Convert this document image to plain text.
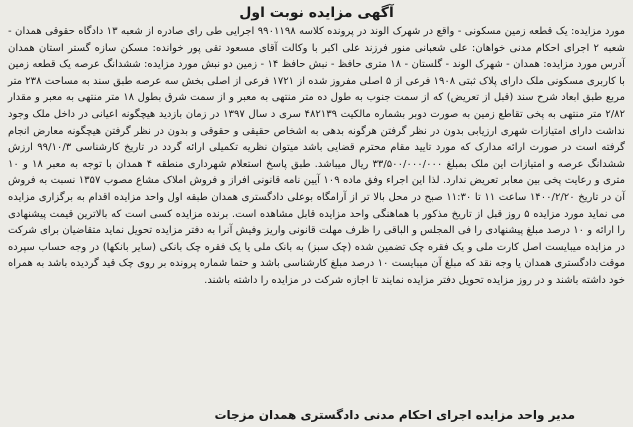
آگهی مزایده نوبت اول

مورد مزایده: یک قطعه زمین مسکونی - واقع در شهرک الوند در پرونده کلاسه ۹۹۰۱۱۹۸ اجرایی طی رای صادره از شعبه ۱۳ دادگاه حقوقی همدان - شعبه ۲ اجرای احکام مدنی خواهان: علی شعبانی منور فرزند علی اکبر با وکالت آقای مسعود تقی پور خوانده: مسکن سازه گستر استان همدان آدرس مورد مزایده: همدان - شهرک الوند - گلستان - ۱۸ متری حافظ - نبش حافظ ۱۴ - زمین دو نبش مورد مزایده: ششدانگ عرصه یک قطعه زمین با کاربری مسکونی ملک دارای پلاک ثبتی ۱۹۰۸ فرعی از ۵ اصلی مفروز شده از ۱۷۲۱ فرعی از اصلی بخش سه عرصه طبق سند به مساحت ۲۳۸ متر مربع طبق ابعاد شرح سند (قبل از تعریض) که از سمت جنوب به طول ده متر منتهی به معبر و از سمت شرق بطول ۱۸ متر منتهی به معبر و مقدار ۲/۸۲ متر منتهی به پخی تقاطع زمین به صورت دوبر بشماره مالکیت ۴۸۲۱۳۹ سری د سال ۱۳۹۷ در زمان بازدید هیچگونه اعیانی در داخل ملک وجود نداشت دارای امتیازات شهری ارزیابی بدون در نظر گرفتن هرگونه بدهی به اشخاص حقیقی و حقوقی و بدون در نظر گرفتن هیچگونه معارض انجام گرفته است در صورت ارائه مدارک که مورد تایید مقام محترم قضایی باشد میتوان نظریه تکمیلی ارائه گردد در تاریخ کارشناسی ۹۹/۱۰/۳ ارزش ششدانگ عرصه و امتیازات این ملک بمبلغ ۳۳/۵۰۰/۰۰۰/۰۰۰ ریال میباشد. طبق پاسخ استعلام شهرداری منطقه ۴ همدان با توجه به معبر ۱۸ و ۱۰ متری و رعایت پخی بین معابر تعریض ندارد. لذا این اجراء وفق ماده ۱۰۹ آیین نامه قانونی افراز و فروش املاک مشاع مصوب ۱۳۵۷ نسبت به فروش آن در تاریخ ۱۴۰۰/۲/۲۰ ساعت ۱۱ تا ۱۱:۳۰ صبح در محل بالا تر از آرامگاه بوعلی دادگستری همدان طبقه اول واحد مزایده اقدام به برگزاری مزایده می نماید مورد مزایده ۵ روز قبل از تاریخ مذکور با هماهنگی واحد مزایده قابل مشاهده است. برنده مزایده کسی است که بالاترین قیمت پیشنهادی را ارائه و ۱۰ درصد مبلغ پیشنهادی را فی المجلس و الباقی را ظرف مهلت قانونی واریز وفیش آنرا به دفتر مزایده تحویل نماید متقاضیان برای شرکت در مزایده میبایست اصل کارت ملی و یک فقره چک تضمین شده (چک سبز) به بانک ملی یا یک فقره چک بانکی (سایر بانکها) در وجه حساب سپرده موقت دادگستری همدان یا وجه نقد که مبلغ آن میبایست ۱۰ درصد مبلغ کارشناسی باشد و حتما شماره پرونده بر روی چک قید گردیده باشد به همراه خود داشته باشند و در روز مزایده تحویل دفتر مزایده نمایند تا اجازه شرکت در مزایده را داشته باشند.

مدیر واحد مزایده اجرای احکام مدنی دادگستری همدان مزجات
